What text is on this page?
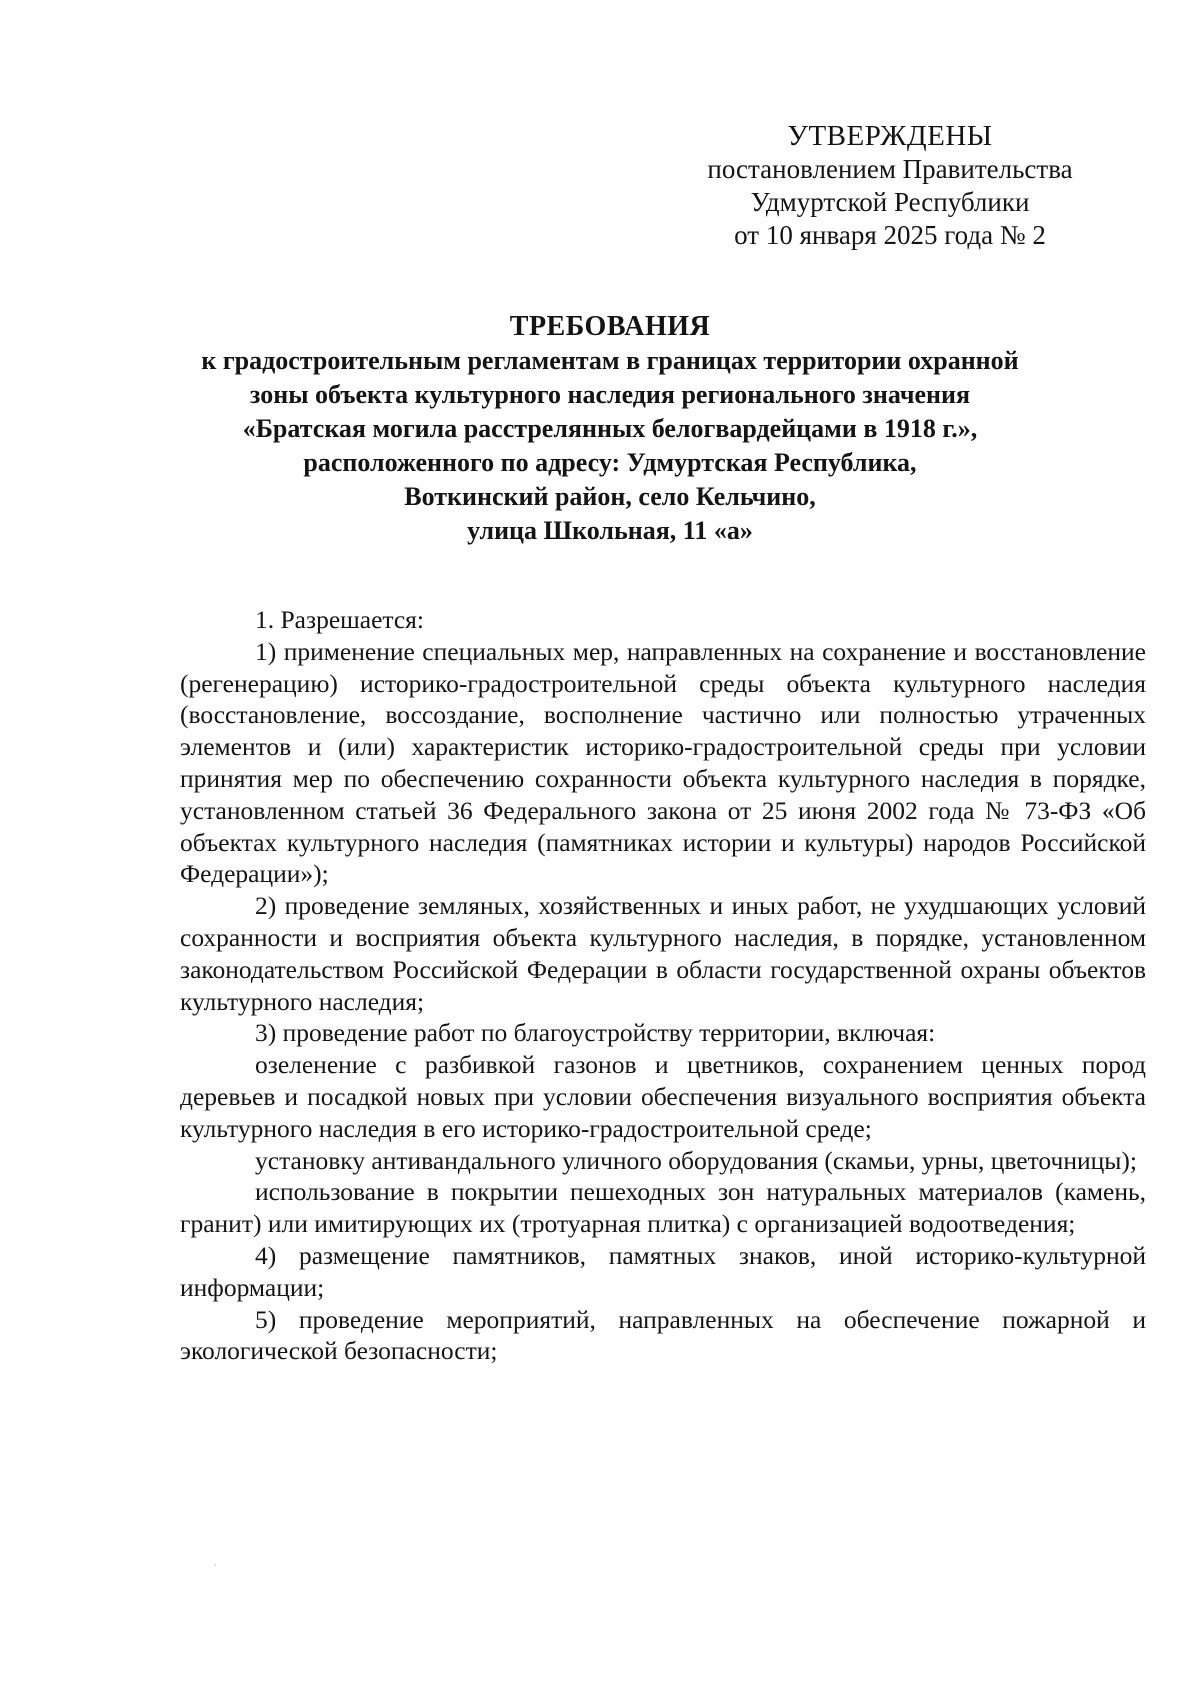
УТВЕРЖДЕНЫ
постановлением Правительства
Удмуртской Республики
от 10 января 2025 года № 2
ТРЕБОВАНИЯ
к градостроительным регламентам в границах территории охранной
зоны объекта культурного наследия регионального значения
«Братская могила расстрелянных белогвардейцами в 1918 г.»,
расположенного по адресу: Удмуртская Республика,
Воткинский район, село Кельчино,
улица Школьная, 11 «а»

1. Разрешается:

1) применение специальных мер, направленных на сохранение и восстановление (регенерацию) историко-градостроительной среды объекта культурного наследия (восстановление, воссоздание, восполнение частично или полностью утраченных элементов и (или) характеристик историко-градостроительной среды при условии принятия мер по обеспечению сохранности объекта культурного наследия в порядке, установленном статьей 36 Федерального закона от 25 июня 2002 года № 73-ФЗ «Об объектах культурного наследия (памятниках истории и культуры) народов Российской Федерации»);

2) проведение земляных, хозяйственных и иных работ, не ухудшающих условий сохранности и восприятия объекта культурного наследия, в порядке, установленном законодательством Российской Федерации в области государственной охраны объектов культурного наследия;

3) проведение работ по благоустройству территории, включая:

озеленение с разбивкой газонов и цветников, сохранением ценных пород деревьев и посадкой новых при условии обеспечения визуального восприятия объекта культурного наследия в его историко-градостроительной среде;

установку антивандального уличного оборудования (скамьи, урны, цветочницы);

использование в покрытии пешеходных зон натуральных материалов (камень, гранит) или имитирующих их (тротуарная плитка) с организацией водоотведения;

4) размещение памятников, памятных знаков, иной историко-культурной информации;

5) проведение мероприятий, направленных на обеспечение пожарной и экологической безопасности;
